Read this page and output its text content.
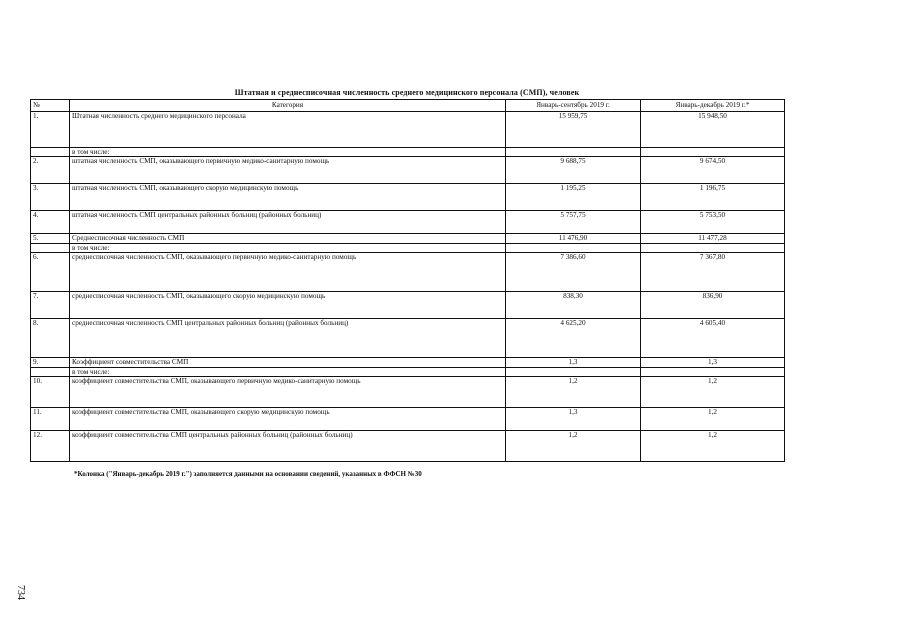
Штатная и среднесписочная численность среднего медицинского персонала (СМП), человек
№	Категория	Январь-сентябрь 2019 г.	Январь-декабрь 2019 г.*
1.	Штатная численность среднего медицинского персонала	15 959,75	15 948,50
	в том числе:		
2.	штатная численность СМП, оказывающего первичную медико-санитарную помощь	9 688,75	9 674,50
3.	штатная численность СМП, оказывающего скорую медицинскую помощь	1 195,25	1 196,75
4.	штатная численность СМП центральных районных больниц (районных больниц)	5 757,75	5 753,50
5.	Среднесписочная численность СМП	11 476,90	11 477,28
	в том числе:		
6.	среднесписочная численность СМП, оказывающего первичную медико-санитарную помощь	7 386,60	7 367,80
7.	среднесписочная численность СМП, оказывающего скорую медицинскую помощь	838,30	836,90
8.	среднесписочная численность СМП центральных районных больниц (районных больниц)	4 625,20	4 605,40
9.	Коэффициент совместительства СМП	1,3	1,3
	в том числе:		
10.	коэффициент совместительства СМП, оказывающего первичную медико-санитарную помощь	1,2	1,2
11.	коэффициент совместительства СМП, оказывающего скорую медицинскую помощь	1,3	1,2
12.	коэффициент совместительства СМП центральных районных больниц (районных больниц)	1,2	1,2
*Колонка ("Январь-декабрь 2019 г.") заполняется данными на основании сведений, указанных в ФФСН №30
734
